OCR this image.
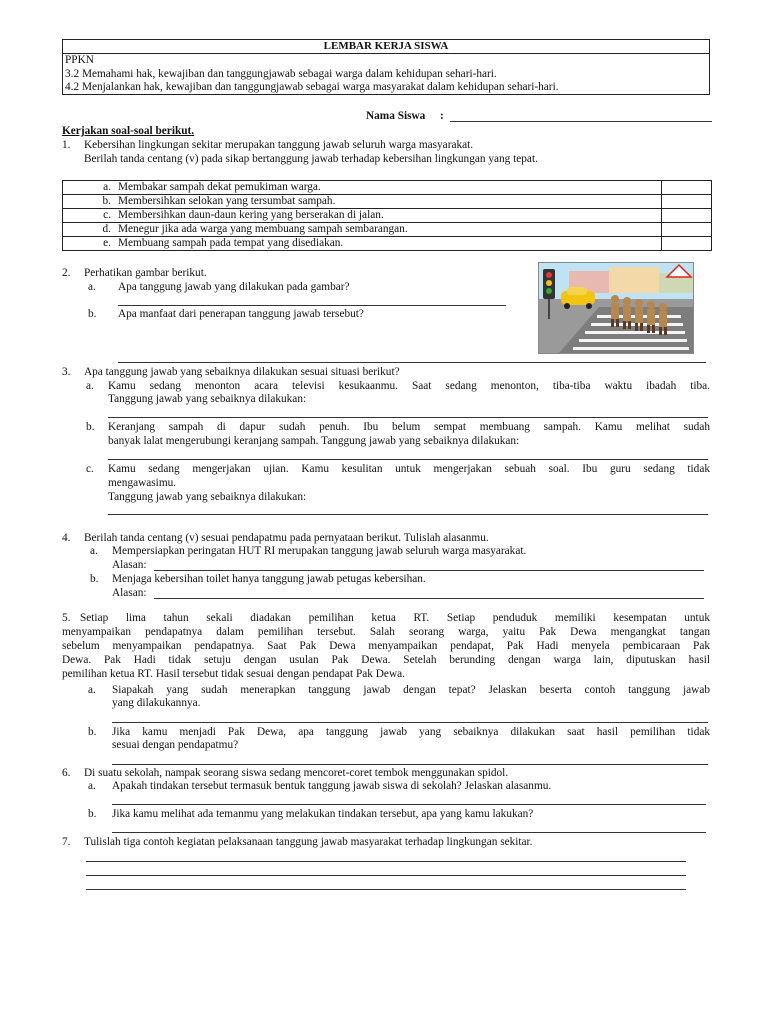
LEMBAR KERJA SISWA
PPKN
3.2 Memahami hak, kewajiban dan tanggungjawab sebagai warga dalam kehidupan sehari-hari.
4.2 Menjalankan hak, kewajiban dan tanggungjawab sebagai warga masyarakat dalam kehidupan sehari-hari.
Nama Siswa :
Kerjakan soal-soal berikut.
1. Kebersihan lingkungan sekitar merupakan tanggung jawab seluruh warga masyarakat.
Berilah tanda centang (v) pada sikap bertanggung jawab terhadap kebersihan lingkungan yang tepat.
a.	Membakar sampah dekat pemukiman warga.	
b.	Membersihkan selokan yang tersumbat sampah.	
c.	Membersihkan daun-daun kering yang berserakan di jalan.	
d.	Menegur jika ada warga yang membuang sampah sembarangan.	
e.	Membuang sampah pada tempat yang disediakan.	
2. Perhatikan gambar berikut.
a. Apa tanggung jawab yang dilakukan pada gambar?
b. Apa manfaat dari penerapan tanggung jawab tersebut?
3. Apa tanggung jawab yang sebaiknya dilakukan sesuai situasi berikut?
a. Kamu sedang menonton acara televisi kesukaanmu. Saat sedang menonton, tiba-tiba waktu ibadah tiba.
Tanggung jawab yang sebaiknya dilakukan:
b. Keranjang sampah di dapur sudah penuh. Ibu belum sempat membuang sampah. Kamu melihat sudah
banyak lalat mengerubungi keranjang sampah. Tanggung jawab yang sebaiknya dilakukan:
c. Kamu sedang mengerjakan ujian. Kamu kesulitan untuk mengerjakan sebuah soal. Ibu guru sedang tidak
mengawasimu.
Tanggung jawab yang sebaiknya dilakukan:
4. Berilah tanda centang (v) sesuai pendapatmu pada pernyataan berikut. Tulislah alasanmu.
a. Mempersiapkan peringatan HUT RI merupakan tanggung jawab seluruh warga masyarakat.
Alasan:
b. Menjaga kebersihan toilet hanya tanggung jawab petugas kebersihan.
Alasan:
5. Setiap lima tahun sekali diadakan pemilihan ketua RT. Setiap penduduk memiliki kesempatan untuk
menyampaikan pendapatnya dalam pemilihan tersebut. Salah seorang warga, yaitu Pak Dewa mengangkat tangan
sebelum menyampaikan pendapatnya. Saat Pak Dewa menyampaikan pendapat, Pak Hadi menyela pembicaraan Pak
Dewa. Pak Hadi tidak setuju dengan usulan Pak Dewa. Setelah berunding dengan warga lain, diputuskan hasil
pemilihan ketua RT. Hasil tersebut tidak sesuai dengan pendapat Pak Dewa.
a. Siapakah yang sudah menerapkan tanggung jawab dengan tepat? Jelaskan beserta contoh tanggung jawab
yang dilakukannya.
b. Jika kamu menjadi Pak Dewa, apa tanggung jawab yang sebaiknya dilakukan saat hasil pemilihan tidak
sesuai dengan pendapatmu?
6. Di suatu sekolah, nampak seorang siswa sedang mencoret-coret tembok menggunakan spidol.
a. Apakah tindakan tersebut termasuk bentuk tanggung jawab siswa di sekolah? Jelaskan alasanmu.
b. Jika kamu melihat ada temanmu yang melakukan tindakan tersebut, apa yang kamu lakukan?
7. Tulislah tiga contoh kegiatan pelaksanaan tanggung jawab masyarakat terhadap lingkungan sekitar.
